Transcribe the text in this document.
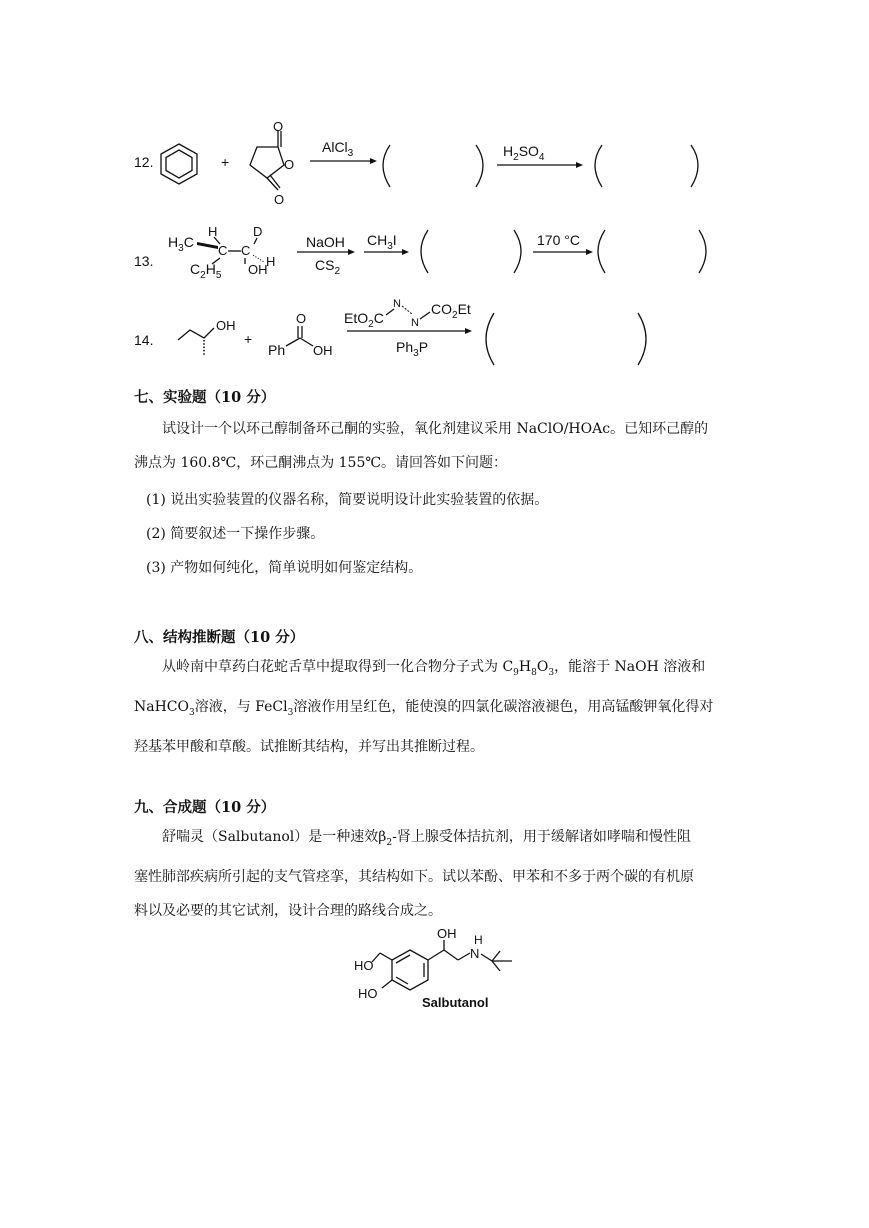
12.	+
O
O
O
AlCl$_3$	$H_2SO_4$
13.
$H_3C$
H
C C
D
H
OH
$C_2H_5$
NaOH
$CS_2$
$CH_3I$	170 °C
14.
OH
+
O
Ph OH
EtO$_2$C
N
N
$CO_2Et$
$Ph_3P$
七、实验题（10 分）
试设计一个以环己醇制备环己酮的实验，氧化剂建议采用 NaClO/HOAc。已知环己醇的
沸点为 160.8℃，环己酮沸点为 155℃。请回答如下问题：
(1) 说出实验装置的仪器名称，简要说明设计此实验装置的依据。
(2) 简要叙述一下操作步骤。
(3) 产物如何纯化，简单说明如何鉴定结构。
八、结构推断题（10 分）
从岭南中草药白花蛇舌草中提取得到一化合物分子式为 $C_9H_8O_3$，能溶于 NaOH 溶液和
NaHCO$_3$溶液，与 FeCl$_3$溶液作用呈红色，能使溴的四氯化碳溶液褪色，用高锰酸钾氧化得对
羟基苯甲酸和草酸。试推断其结构，并写出其推断过程。
九、合成题（10 分）
舒喘灵（Salbutanol）是一种速效$\beta_2-$肾上腺受体拮抗剂，用于缓解诸如哮喘和慢性阻
塞性肺部疾病所引起的支气管痉挛，其结构如下。试以苯酚、甲苯和不多于两个碳的有机原
料以及必要的其它试剂，设计合理的路线合成之。
HO
HO
OH H
N
Salbutanol
